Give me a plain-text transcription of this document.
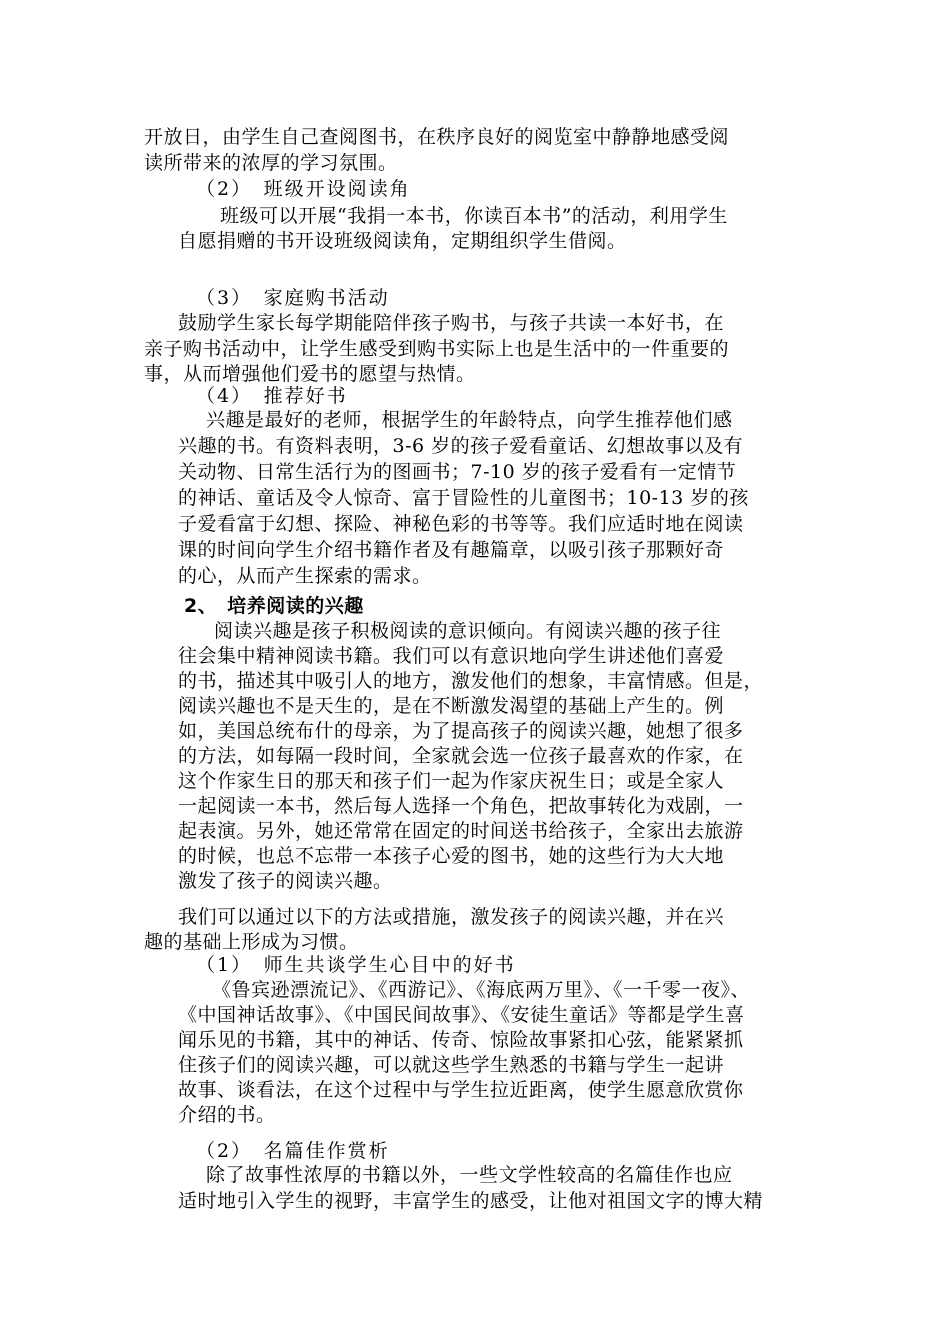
开放日，由学生自己查阅图书，在秩序良好的阅览室中静静地感受阅
读所带来的浓厚的学习氛围。
（2）　班级开设阅读角
班级可以开展“我捐一本书，你读百本书”的活动，利用学生
自愿捐赠的书开设班级阅读角，定期组织学生借阅。
（3）　家庭购书活动
鼓励学生家长每学期能陪伴孩子购书，与孩子共读一本好书，在
亲子购书活动中，让学生感受到购书实际上也是生活中的一件重要的
事，从而增强他们爱书的愿望与热情。
（4）　推荐好书
兴趣是最好的老师，根据学生的年龄特点，向学生推荐他们感
兴趣的书。有资料表明，3-6 岁的孩子爱看童话、幻想故事以及有
关动物、日常生活行为的图画书；7-10 岁的孩子爱看有一定情节
的神话、童话及令人惊奇、富于冒险性的儿童图书；10-13 岁的孩
子爱看富于幻想、探险、神秘色彩的书等等。我们应适时地在阅读
课的时间向学生介绍书籍作者及有趣篇章，以吸引孩子那颗好奇
的心，从而产生探索的需求。
2、　培养阅读的兴趣
阅读兴趣是孩子积极阅读的意识倾向。有阅读兴趣的孩子往
往会集中精神阅读书籍。我们可以有意识地向学生讲述他们喜爱
的书，描述其中吸引人的地方，激发他们的想象，丰富情感。但是，
阅读兴趣也不是天生的，是在不断激发渴望的基础上产生的。例
如，美国总统布什的母亲，为了提高孩子的阅读兴趣，她想了很多
的方法，如每隔一段时间，全家就会选一位孩子最喜欢的作家，在
这个作家生日的那天和孩子们一起为作家庆祝生日；或是全家人
一起阅读一本书，然后每人选择一个角色，把故事转化为戏剧，一
起表演。另外，她还常常在固定的时间送书给孩子，全家出去旅游
的时候，也总不忘带一本孩子心爱的图书，她的这些行为大大地
激发了孩子的阅读兴趣。
我们可以通过以下的方法或措施，激发孩子的阅读兴趣，并在兴
趣的基础上形成为习惯。
（1）　师生共谈学生心目中的好书
《鲁宾逊漂流记》、《西游记》、《海底两万里》、《一千零一夜》、
《中国神话故事》、《中国民间故事》、《安徒生童话》等都是学生喜
闻乐见的书籍，其中的神话、传奇、惊险故事紧扣心弦，能紧紧抓
住孩子们的阅读兴趣，可以就这些学生熟悉的书籍与学生一起讲
故事、谈看法，在这个过程中与学生拉近距离，使学生愿意欣赏你
介绍的书。
（2）　名篇佳作赏析
除了故事性浓厚的书籍以外，一些文学性较高的名篇佳作也应
适时地引入学生的视野，丰富学生的感受，让他对祖国文字的博大精
